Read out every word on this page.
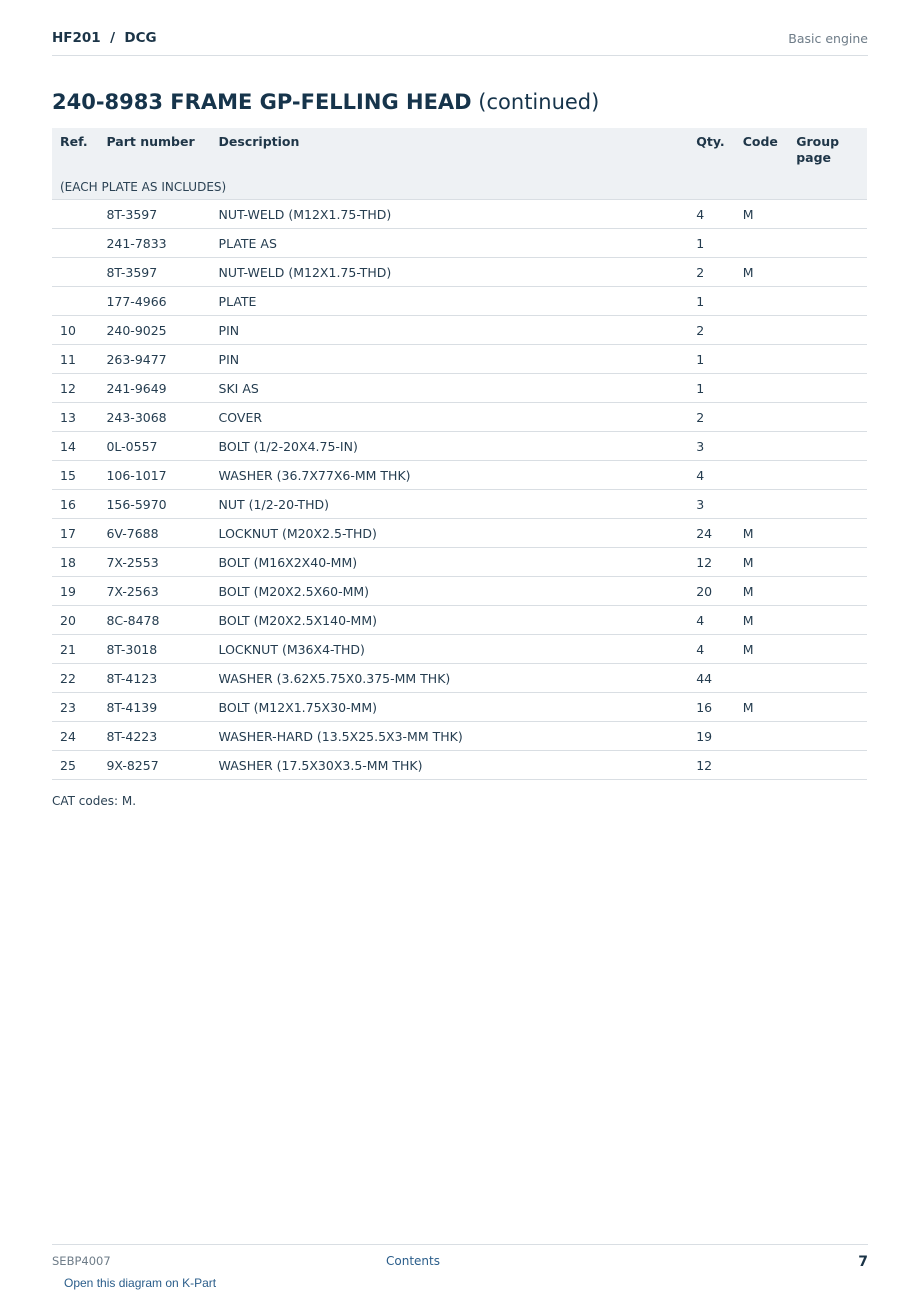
HF201  /  DCG	Basic engine
240-8983 FRAME GP-FELLING HEAD (continued)
Ref.	Part number	Description	Qty.	Code	Group page
(EACH PLATE AS INCLUDES)					
	8T-3597	NUT-WELD (M12X1.75-THD)	4	M	
	241-7833	PLATE AS	1		
	8T-3597	NUT-WELD (M12X1.75-THD)	2	M	
	177-4966	PLATE	1		
10	240-9025	PIN	2		
11	263-9477	PIN	1		
12	241-9649	SKI AS	1		
13	243-3068	COVER	2		
14	0L-0557	BOLT (1/2-20X4.75-IN)	3		
15	106-1017	WASHER (36.7X77X6-MM THK)	4		
16	156-5970	NUT (1/2-20-THD)	3		
17	6V-7688	LOCKNUT (M20X2.5-THD)	24	M	
18	7X-2553	BOLT (M16X2X40-MM)	12	M	
19	7X-2563	BOLT (M20X2.5X60-MM)	20	M	
20	8C-8478	BOLT (M20X2.5X140-MM)	4	M	
21	8T-3018	LOCKNUT (M36X4-THD)	4	M	
22	8T-4123	WASHER (3.62X5.75X0.375-MM THK)	44		
23	8T-4139	BOLT (M12X1.75X30-MM)	16	M	
24	8T-4223	WASHER-HARD (13.5X25.5X3-MM THK)	19		
25	9X-8257	WASHER (17.5X30X3.5-MM THK)	12		
CAT codes: M.
SEBP4007	Contents	7
Open this diagram on K-Part
